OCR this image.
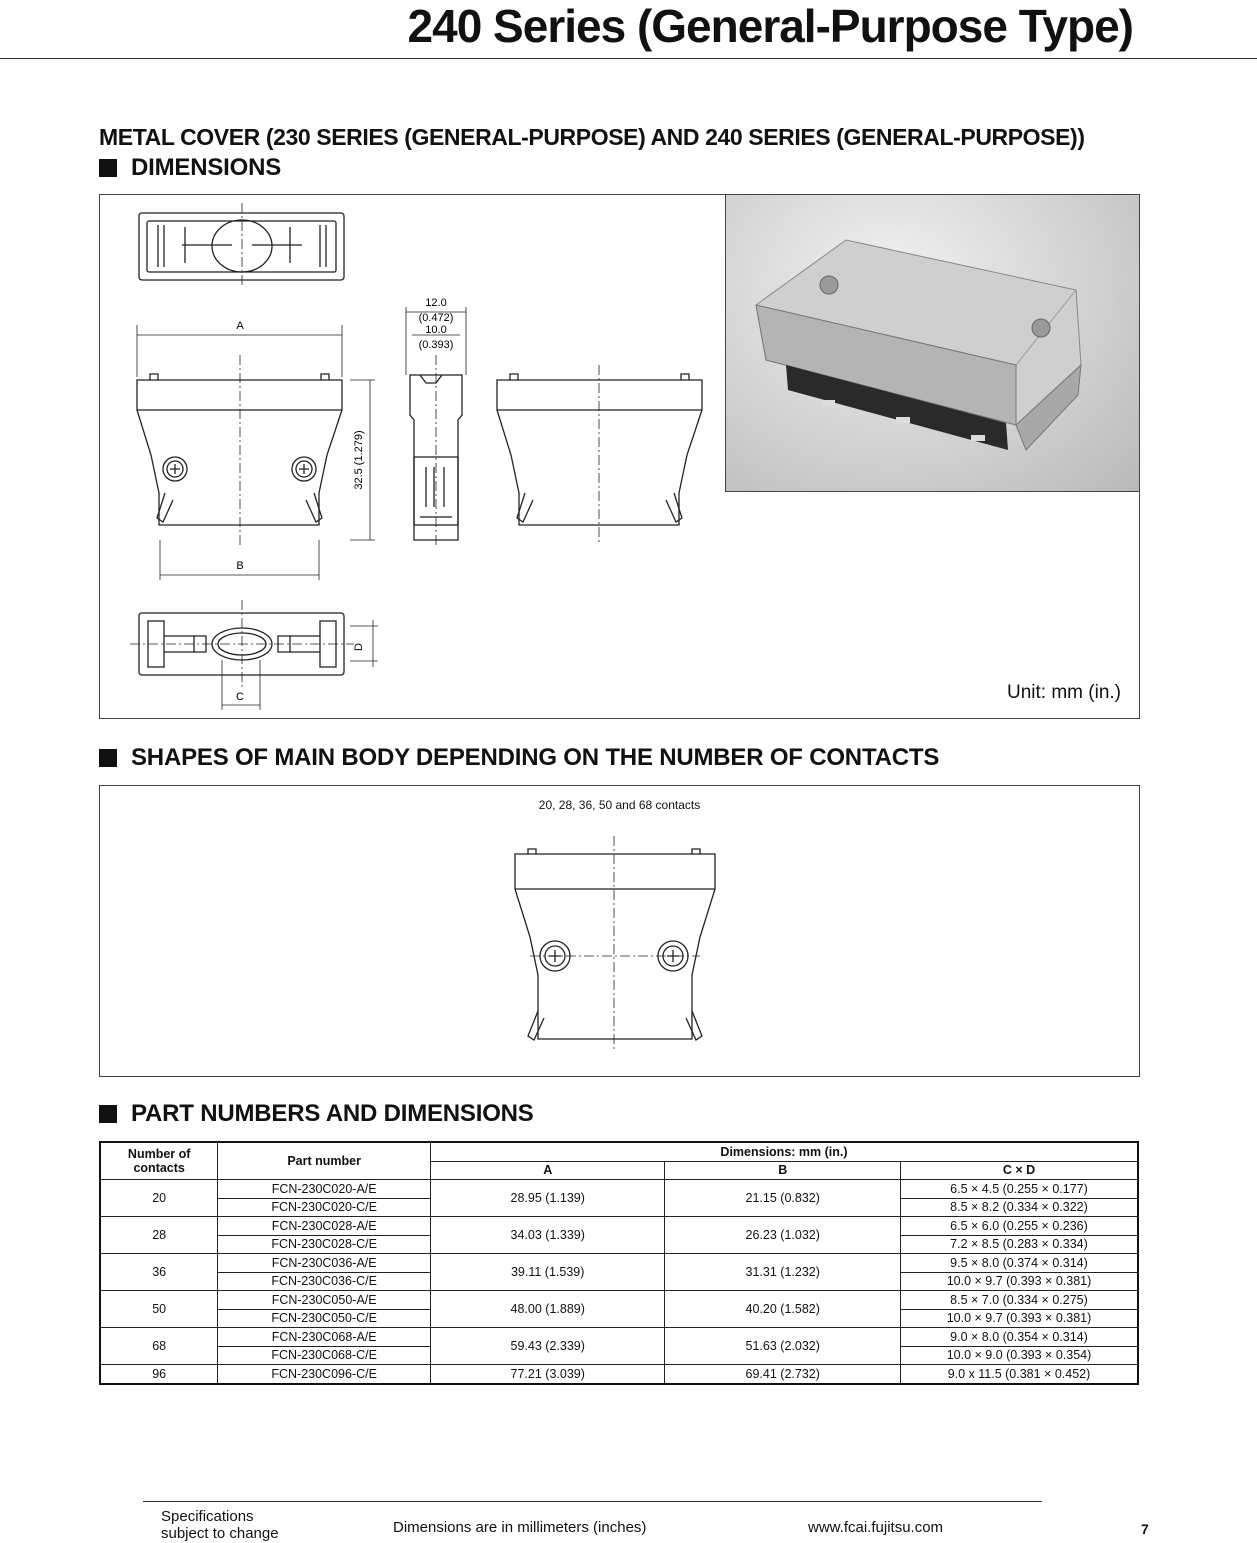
240 Series (General-Purpose Type)
METAL COVER (230 SERIES (GENERAL-PURPOSE) AND 240 SERIES (GENERAL-PURPOSE))
DIMENSIONS
A
B
C
D
12.0
(0.472)
10.0
(0.393)
32.5 (1.279)
Unit: mm (in.)
SHAPES OF MAIN BODY DEPENDING ON THE NUMBER OF CONTACTS
20, 28, 36, 50 and 68 contacts
PART NUMBERS AND DIMENSIONS
Number of contacts	Part number	Dimensions: mm (in.)		
		A	B	C × D
20	FCN-230C020-A/E	28.95 (1.139)	21.15 (0.832)	6.5 × 4.5 (0.255 × 0.177)
	FCN-230C020-C/E			8.5 × 8.2 (0.334 × 0.322)
28	FCN-230C028-A/E	34.03 (1.339)	26.23 (1.032)	6.5 × 6.0 (0.255 × 0.236)
	FCN-230C028-C/E			7.2 × 8.5 (0.283 × 0.334)
36	FCN-230C036-A/E	39.11 (1.539)	31.31 (1.232)	9.5 × 8.0 (0.374 × 0.314)
	FCN-230C036-C/E			10.0 × 9.7 (0.393 × 0.381)
50	FCN-230C050-A/E	48.00 (1.889)	40.20 (1.582)	8.5 × 7.0 (0.334 × 0.275)
	FCN-230C050-C/E			10.0 × 9.7 (0.393 × 0.381)
68	FCN-230C068-A/E	59.43 (2.339)	51.63 (2.032)	9.0 × 8.0 (0.354 × 0.314)
	FCN-230C068-C/E			10.0 × 9.0 (0.393 × 0.354)
96	FCN-230C096-C/E	77.21 (3.039)	69.41 (2.732)	9.0 x 11.5 (0.381 × 0.452)
Specifications
subject to change	Dimensions are in millimeters (inches)	www.fcai.fujitsu.com	7
